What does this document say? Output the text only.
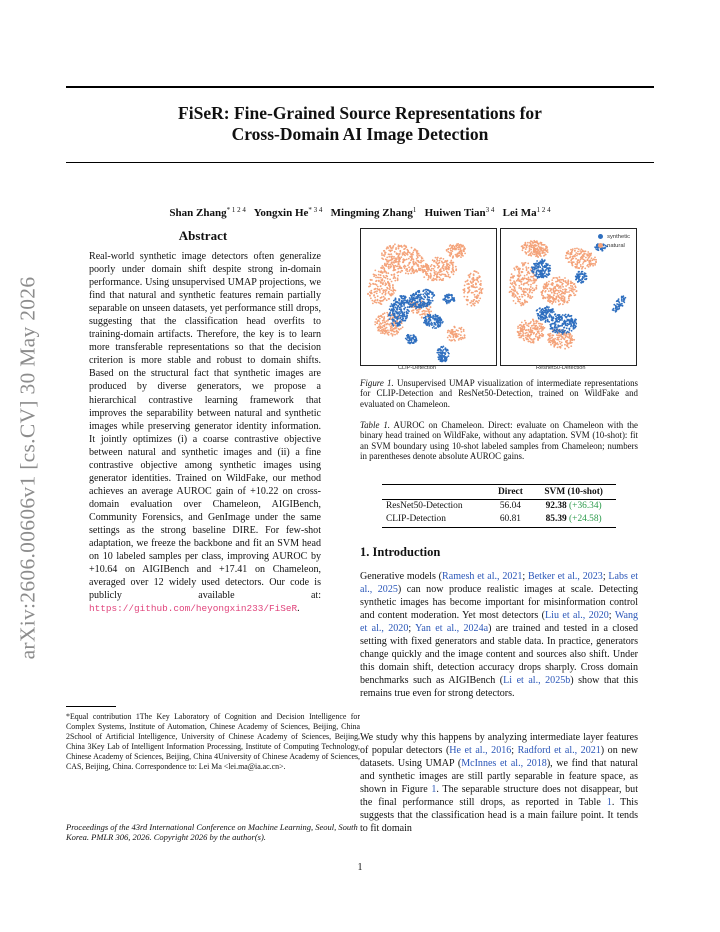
arXiv:2606.00606v1 [cs.CV] 30 May 2026
FiSeR: Fine-Grained Source Representations for
Cross-Domain AI Image Detection
Shan Zhang$^{* 1 2 4}$ Yongxin $He^{* 3 4}$ Mingming Zhang$^1$ Huiwen Tian$^{3 4}$ Lei $Ma^{1 2 4}$
Abstract
Real-world synthetic image detectors often generalize poorly under domain shift despite strong in-domain performance. Using unsupervised UMAP projections, we find that natural and synthetic features remain partially separable on unseen datasets, yet performance still drops, suggesting that the classification head overfits to training-domain artifacts. Therefore, the key is to learn more transferable representations so that the decision criterion is more stable and robust to domain shifts. Based on the structural fact that synthetic images are produced by diverse generators, we propose a hierarchical contrastive learning framework that improves the separability between natural and synthetic images while preserving generator identity information. It jointly optimizes (i) a coarse contrastive objective between natural and synthetic images and (ii) a fine contrastive objective among synthetic images using generator identities. Trained on WildFake, our method achieves an average AUROC gain of +10.22 on cross-domain evaluation over Chameleon, AIGIBench, Community Forensics, and GenImage under the same settings as the strong baseline DIRE. For few-shot adaptation, we freeze the backbone and fit an SVM head on 10 labeled samples per class, improving AUROC by +10.64 on AIGIBench and +17.41 on Chameleon, averaged over 12 widely used detectors. Our code is publicly available at: https://github.com/heyongxin233/FiSeR.
*Equal contribution 1The Key Laboratory of Cognition and Decision Intelligence for Complex Systems, Institute of Automation, Chinese Academy of Sciences, Beijing, China 2School of Artificial Intelligence, University of Chinese Academy of Sciences, Beijing, China 3Key Lab of Intelligent Information Processing, Institute of Computing Technology, Chinese Academy of Sciences, Beijing, China 4University of Chinese Academy of Sciences, CAS, Beijing, China. Correspondence to: Lei Ma <lei.ma@ia.ac.cn>.
Proceedings of the 43rd International Conference on Machine Learning, Seoul, South Korea. PMLR 306, 2026. Copyright 2026 by the author(s).
synthetic
natural
CLIP-Detection	Resnet50-Detection
Figure 1. Unsupervised UMAP visualization of intermediate representations for CLIP-Detection and ResNet50-Detection, trained on WildFake and evaluated on Chameleon.
Table 1. AUROC on Chameleon. Direct: evaluate on Chameleon with the binary head trained on WildFake, without any adaptation. SVM (10-shot): fit an SVM boundary using 10-shot labeled samples from Chameleon; numbers in parentheses denote absolute AUROC gains.
	Direct	SVM (10-shot)
ResNet50-Detection	56.04	92.38 (+36.34)
CLIP-Detection	60.81	85.39 (+24.58)
1. Introduction
Generative models (Ramesh et al., 2021; Betker et al., 2023; Labs et al., 2025) can now produce realistic images at scale. Detecting synthetic images has become important for misinformation control and content moderation. Yet most detectors (Liu et al., 2020; Wang et al., 2020; Yan et al., 2024a) are trained and tested in a closed setting with fixed generators and stable data. In practice, generators change quickly and the image content and sources also shift. Under this domain shift, detection accuracy drops sharply. Cross domain benchmarks such as AIGIBench (Li et al., 2025b) show that this remains true even for strong detectors.
We study why this happens by analyzing intermediate layer features of popular detectors (He et al., 2016; Radford et al., 2021) on new datasets. Using UMAP (McInnes et al., 2018), we find that natural and synthetic images are still partly separable in feature space, as shown in Figure 1. The separable structure does not disappear, but the final performance still drops, as reported in Table 1. This suggests that the classification head is a main failure point. It tends to fit domain
1
